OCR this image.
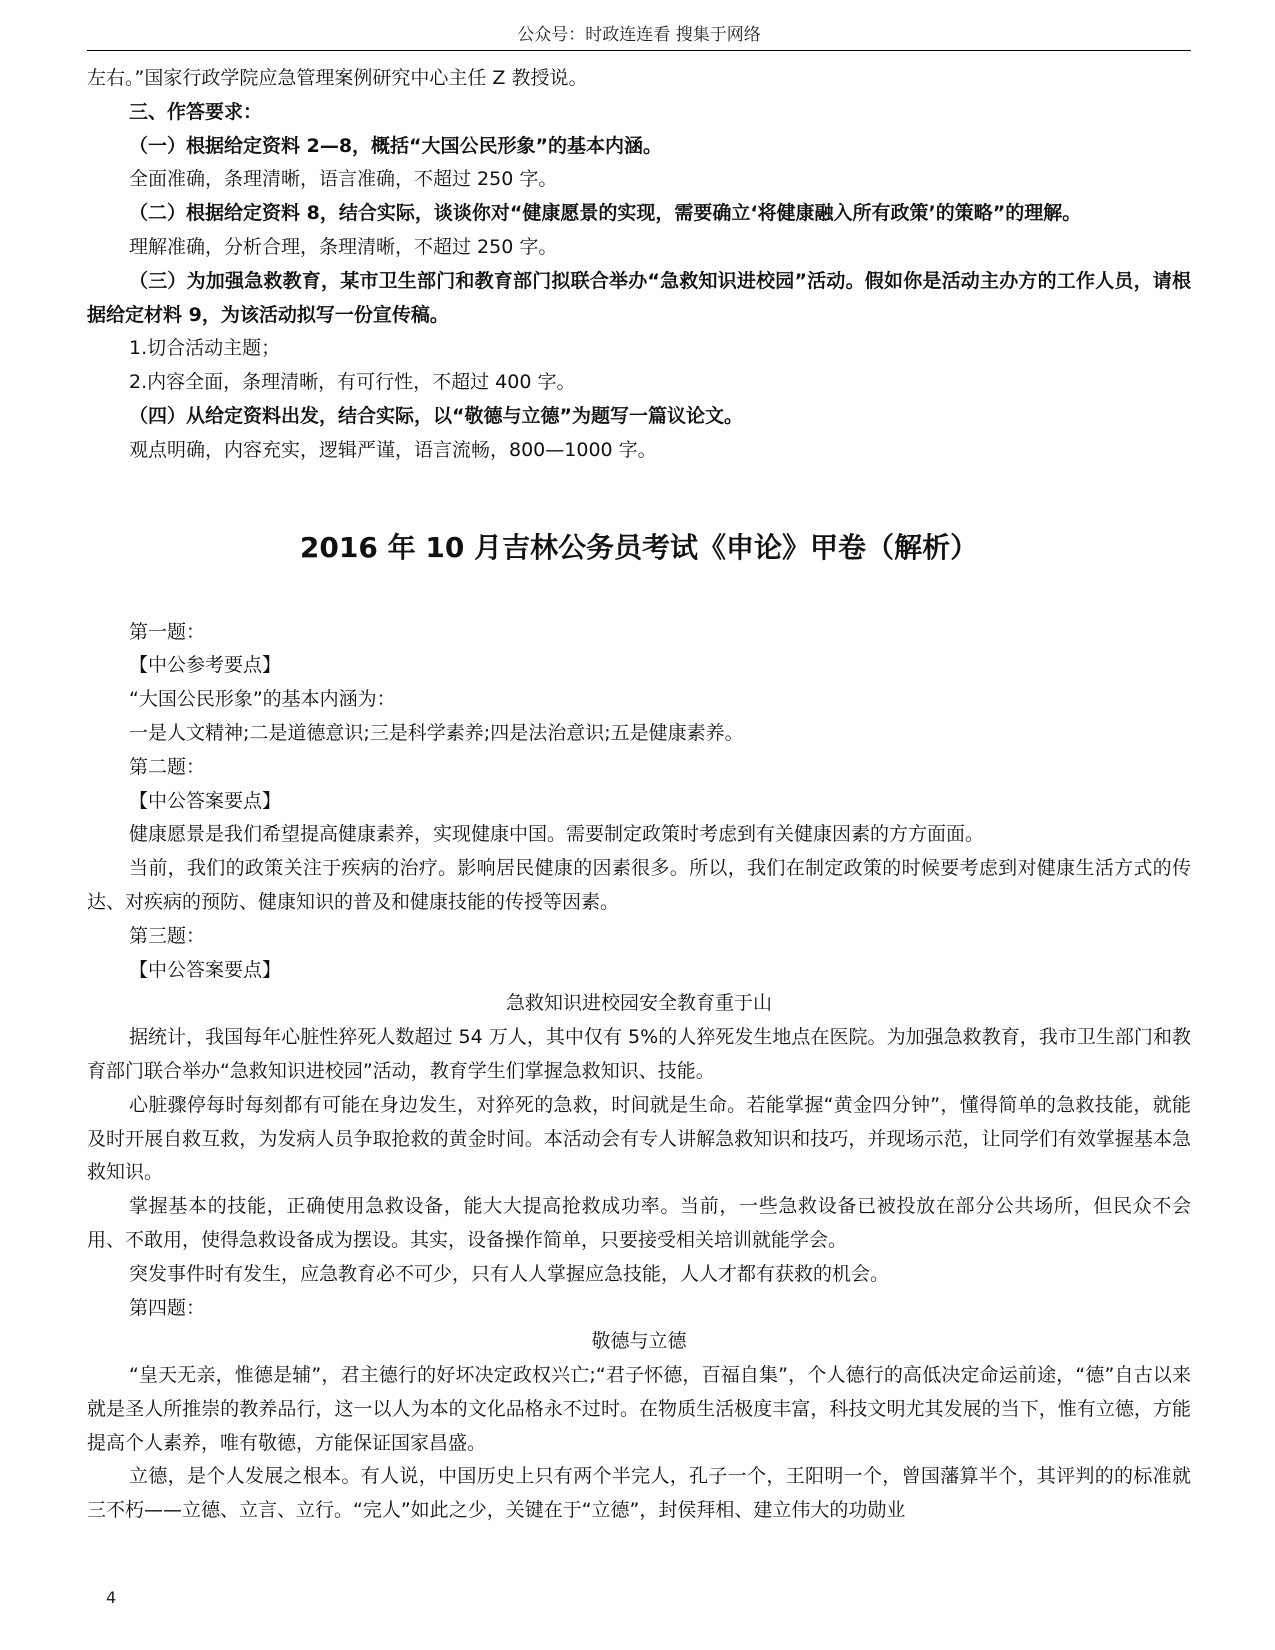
公众号：时政连连看 搜集于网络

左右。”国家行政学院应急管理案例研究中心主任 Z 教授说。

三、作答要求：

（一）根据给定资料 2—8，概括“大国公民形象”的基本内涵。

全面准确，条理清晰，语言准确，不超过 250 字。

（二）根据给定资料 8，结合实际，谈谈你对“健康愿景的实现，需要确立‘将健康融入所有政策’的策略”的理解。

理解准确，分析合理，条理清晰，不超过 250 字。

（三）为加强急救教育，某市卫生部门和教育部门拟联合举办“急救知识进校园”活动。假如你是活动主办方的工作人员，请根据给定材料 9，为该活动拟写一份宣传稿。

1.切合活动主题；

2.内容全面，条理清晰，有可行性，不超过 400 字。

（四）从给定资料出发，结合实际，以“敬德与立德”为题写一篇议论文。

观点明确，内容充实，逻辑严谨，语言流畅，800—1000 字。

2016 年 10 月吉林公务员考试《申论》甲卷（解析）

第一题：

【中公参考要点】

“大国公民形象”的基本内涵为：

一是人文精神;二是道德意识;三是科学素养;四是法治意识;五是健康素养。

第二题：

【中公答案要点】

健康愿景是我们希望提高健康素养，实现健康中国。需要制定政策时考虑到有关健康因素的方方面面。

当前，我们的政策关注于疾病的治疗。影响居民健康的因素很多。所以，我们在制定政策的时候要考虑到对健康生活方式的传达、对疾病的预防、健康知识的普及和健康技能的传授等因素。

第三题：

【中公答案要点】

急救知识进校园安全教育重于山

据统计，我国每年心脏性猝死人数超过 54 万人，其中仅有 5%的人猝死发生地点在医院。为加强急救教育，我市卫生部门和教育部门联合举办“急救知识进校园”活动，教育学生们掌握急救知识、技能。

心脏骤停每时每刻都有可能在身边发生，对猝死的急救，时间就是生命。若能掌握“黄金四分钟”，懂得简单的急救技能，就能及时开展自救互救，为发病人员争取抢救的黄金时间。本活动会有专人讲解急救知识和技巧，并现场示范，让同学们有效掌握基本急救知识。

掌握基本的技能，正确使用急救设备，能大大提高抢救成功率。当前，一些急救设备已被投放在部分公共场所，但民众不会用、不敢用，使得急救设备成为摆设。其实，设备操作简单，只要接受相关培训就能学会。

突发事件时有发生，应急教育必不可少，只有人人掌握应急技能，人人才都有获救的机会。

第四题：

敬德与立德

“皇天无亲，惟德是辅”，君主德行的好坏决定政权兴亡;“君子怀德，百福自集”，个人德行的高低决定命运前途，“德”自古以来就是圣人所推崇的教养品行，这一以人为本的文化品格永不过时。在物质生活极度丰富，科技文明尤其发展的当下，惟有立德，方能提高个人素养，唯有敬德，方能保证国家昌盛。

立德，是个人发展之根本。有人说，中国历史上只有两个半完人，孔子一个，王阳明一个，曾国藩算半个，其评判的的标准就三不朽——立德、立言、立行。“完人”如此之少，关键在于“立德”，封侯拜相、建立伟大的功勋业

4
